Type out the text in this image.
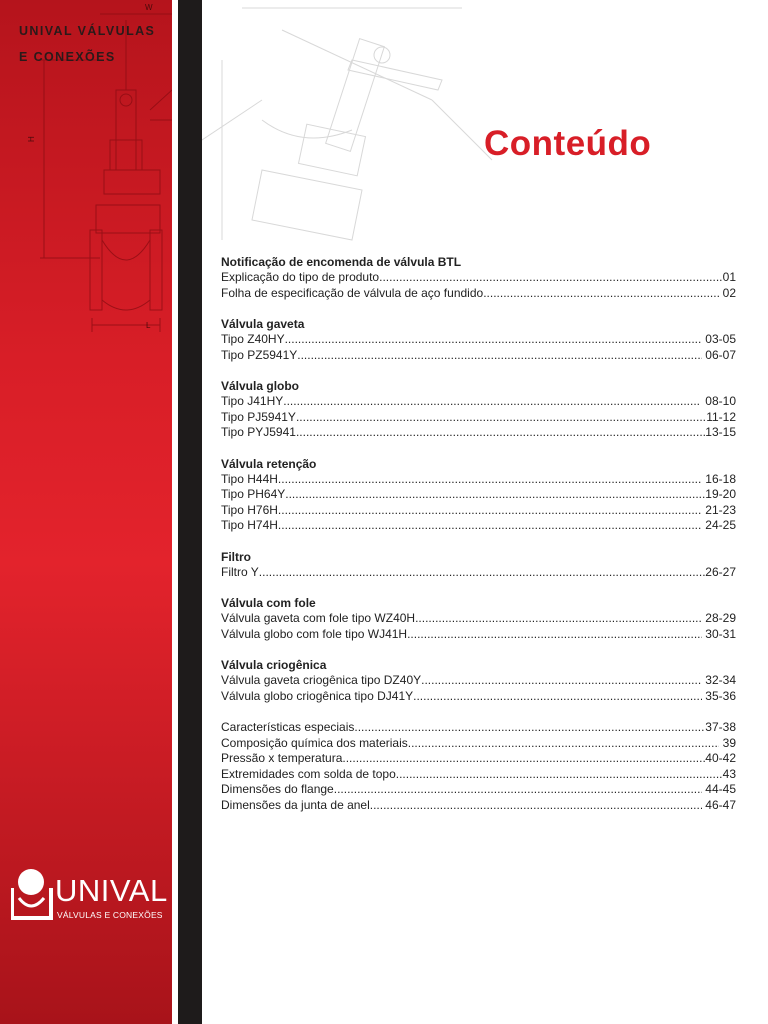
W
H
L
UNIVAL VÁLVULAS
E CONEXÕES
UNIVAL
VÁLVULAS E CONEXÕES
Conteúdo
Notificação de encomenda de válvula BTL
Explicação do tipo de produto .....	01
Folha de especificação de válvula de aço fundido .....	02
Válvula gaveta
Tipo Z40HY .....	03-05
Tipo PZ5941Y .....	06-07
Válvula globo
Tipo J41HY .....	08-10
Tipo PJ5941Y .....	11-12
Tipo PYJ5941 .....	13-15
Válvula retenção
Tipo H44H .....	16-18
Tipo PH64Y .....	19-20
Tipo H76H .....	21-23
Tipo H74H .....	24-25
Filtro
Filtro Y .....	26-27
Válvula com fole
Válvula gaveta com fole tipo WZ40H .....	28-29
Válvula globo com fole tipo WJ41H .....	30-31
Válvula criogênica
Válvula gaveta criogênica tipo DZ40Y .....	32-34
Válvula globo criogênica tipo DJ41Y .....	35-36
Características especiais .....	37-38
Composição química dos materiais .....	39
Pressão x temperatura .....	40-42
Extremidades com solda de topo .....	43
Dimensões do flange .....	44-45
Dimensões da junta de anel .....	46-47
